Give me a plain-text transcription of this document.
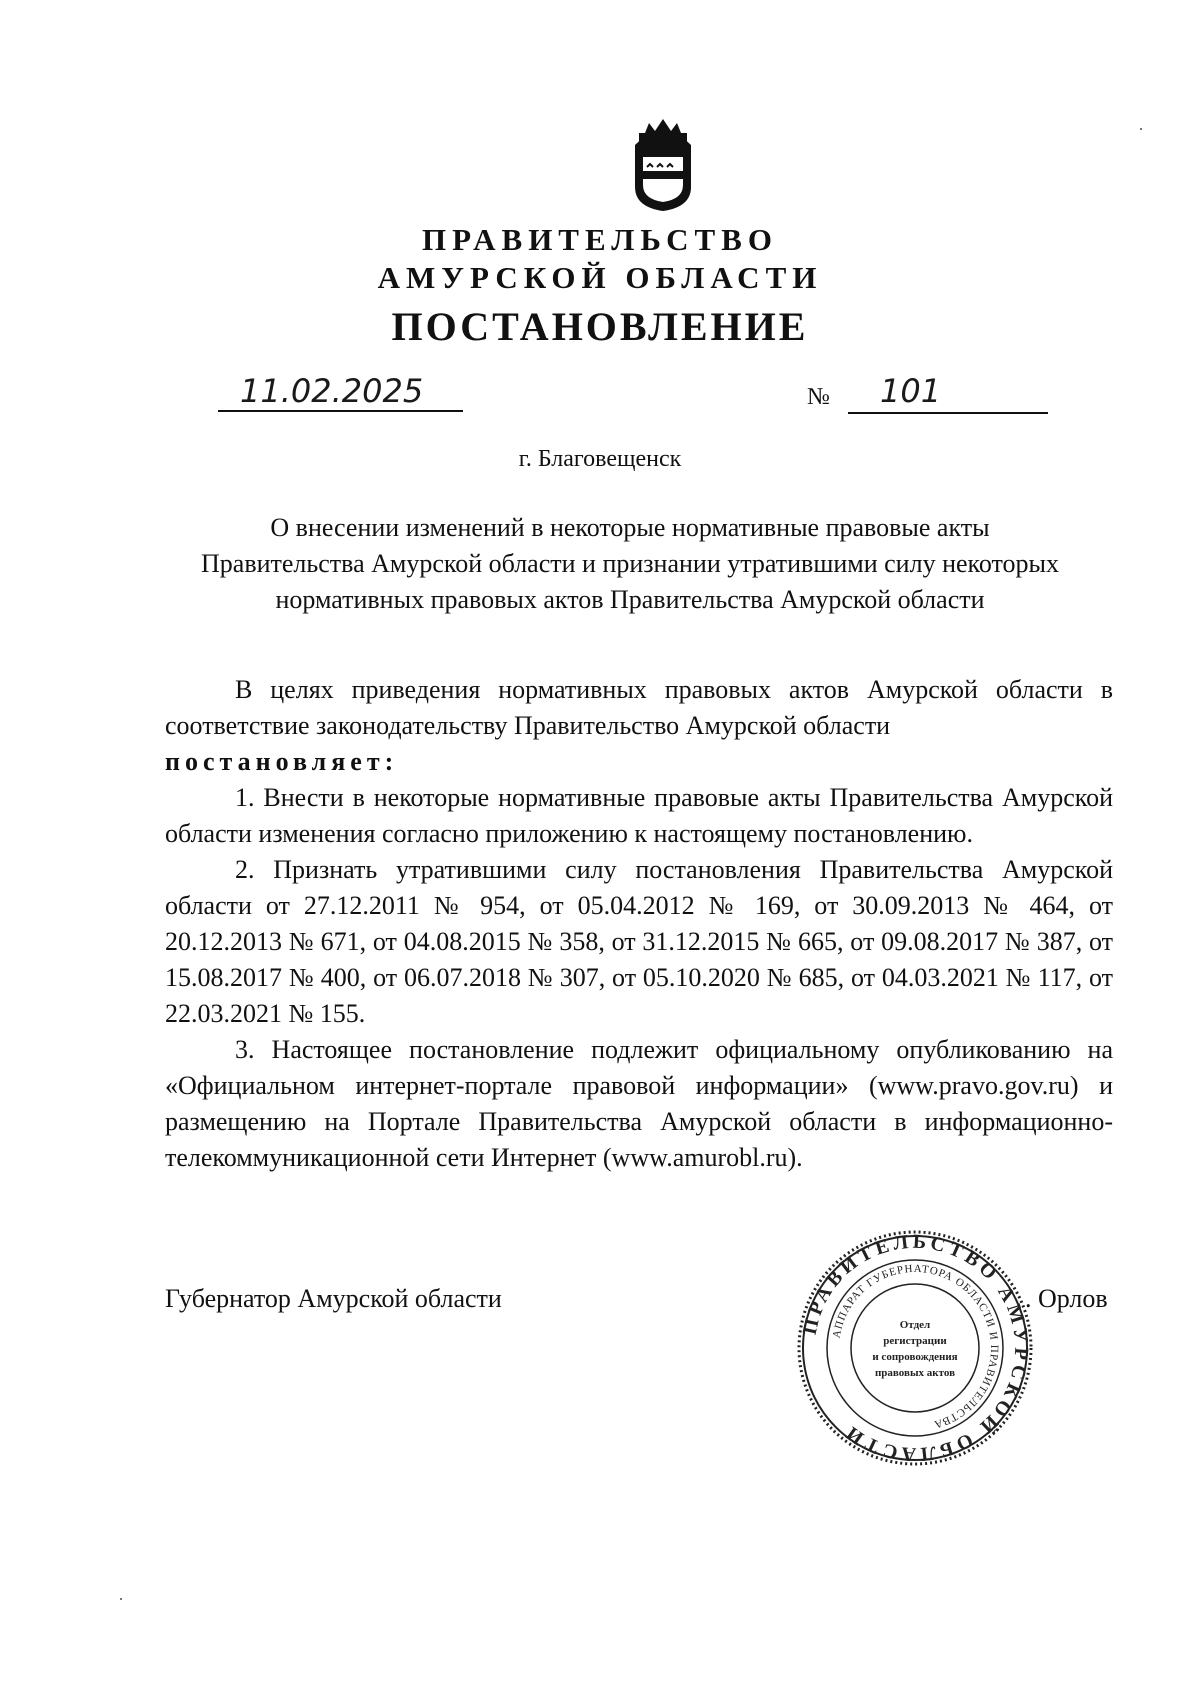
ПРАВИТЕЛЬСТВО
АМУРСКОЙ ОБЛАСТИ
ПОСТАНОВЛЕНИЕ
11.02.2025	№ 101
г. Благовещенск
О внесении изменений в некоторые нормативные правовые акты
Правительства Амурской области и признании утратившими силу некоторых
нормативных правовых актов Правительства Амурской области
В целях приведения нормативных правовых актов Амурской области в соответствие законодательству Правительство Амурской области
постановляет:
1. Внести в некоторые нормативные правовые акты Правительства Амурской области изменения согласно приложению к настоящему постановлению.
2. Признать утратившими силу постановления Правительства Амурской области от 27.12.2011 № 954, от 05.04.2012 № 169, от 30.09.2013 № 464, от 20.12.2013 № 671, от 04.08.2015 № 358, от 31.12.2015 № 665, от 09.08.2017 № 387, от 15.08.2017 № 400, от 06.07.2018 № 307, от 05.10.2020 № 685, от 04.03.2021 № 117, от 22.03.2021 № 155.
3. Настоящее постановление подлежит официальному опубликованию на «Официальном интернет-портале правовой информации» (www.pravo.gov.ru) и размещению на Портале Правительства Амурской области в информационно-телекоммуникационной сети Интернет (www.amurobl.ru).
Губернатор Амурской области
ПРАВИТЕЛЬСТВО АМУРСКОЙ ОБЛАСТИ
АППАРАТ ГУБЕРНАТОРА ОБЛАСТИ И ПРАВИТЕЛЬСТВА
Отдел
регистрации
и сопровождения
правовых актов
. Орлов
